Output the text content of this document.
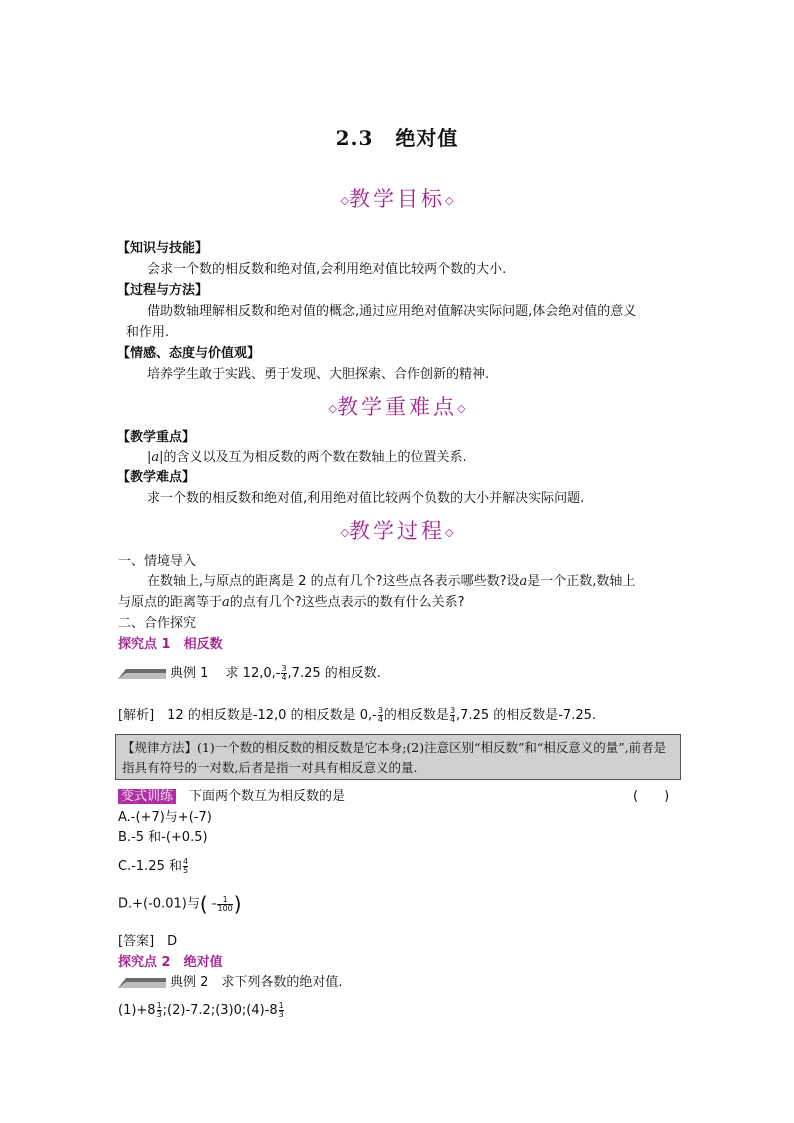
2.3 绝对值
◇教学目标◇
【知识与技能】
会求一个数的相反数和绝对值,会利用绝对值比较两个数的大小.
【过程与方法】
借助数轴理解相反数和绝对值的概念,通过应用绝对值解决实际问题,体会绝对值的意义
和作用.
【情感、态度与价值观】
培养学生敢于实践、勇于发现、大胆探索、合作创新的精神.
◇教学重难点◇
【教学重点】
|a|的含义以及互为相反数的两个数在数轴上的位置关系.
【教学难点】
求一个数的相反数和绝对值,利用绝对值比较两个负数的大小并解决实际问题.
◇教学过程◇
一、情境导入
在数轴上,与原点的距离是 2 的点有几个?这些点各表示哪些数?设a是一个正数,数轴上
与原点的距离等于a的点有几个?这些点表示的数有什么关系?
二、合作探究
探究点 1　相反数
典例 1　 求 $12,0,- \frac{3}{4} ,7.25$ 的相反数.
[解析]　12 的相反数是-12,0 的相反数是 $0,- \frac{3}{4}$ 的相反数是 $\frac{3}{4} ,7.25$ 的相反数是-7.25.
【规律方法】(1)一个数的相反数的相反数是它本身;(2)注意区别“相反数”和“相反意义的量”,前者是指具有符号的一对数,后者是指一对具有相反意义的量.
变式训练　 下面两个数互为相反数的是	(　　)
A.-(+7)与+(-7)
B.-5 和-(+0.5)
C.-1.25 和 $\frac{4}{5}$
D.+(-0.01)与( - $\frac{1}{100}$ )
[答案]　D
探究点 2　绝对值
典例 2　 求下列各数的绝对值.
$(1)+8 \frac{1}{3}$ ;(2)-7.2;(3)0;(4)-8 $\frac{1}{3}$
